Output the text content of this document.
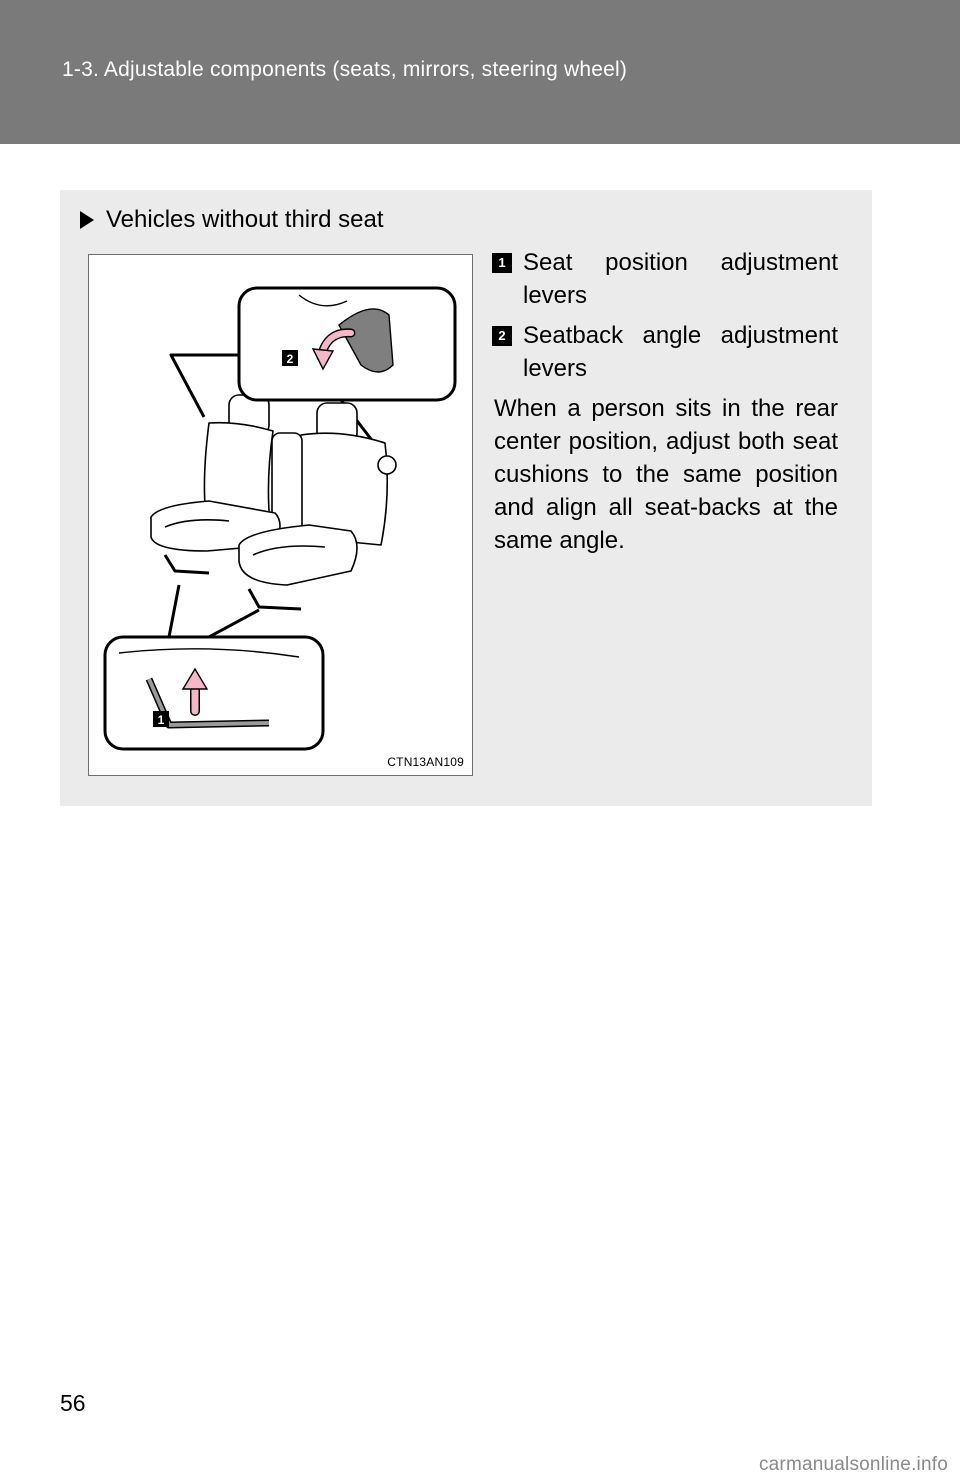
1-3. Adjustable components (seats, mirrors, steering wheel)
Vehicles without third seat
2
1
CTN13AN109
1 Seat position adjustment levers
2 Seatback angle adjustment levers
When a person sits in the rear center position, adjust both seat cushions to the same position and align all seat-backs at the same angle.
56
carmanualsonline.info
